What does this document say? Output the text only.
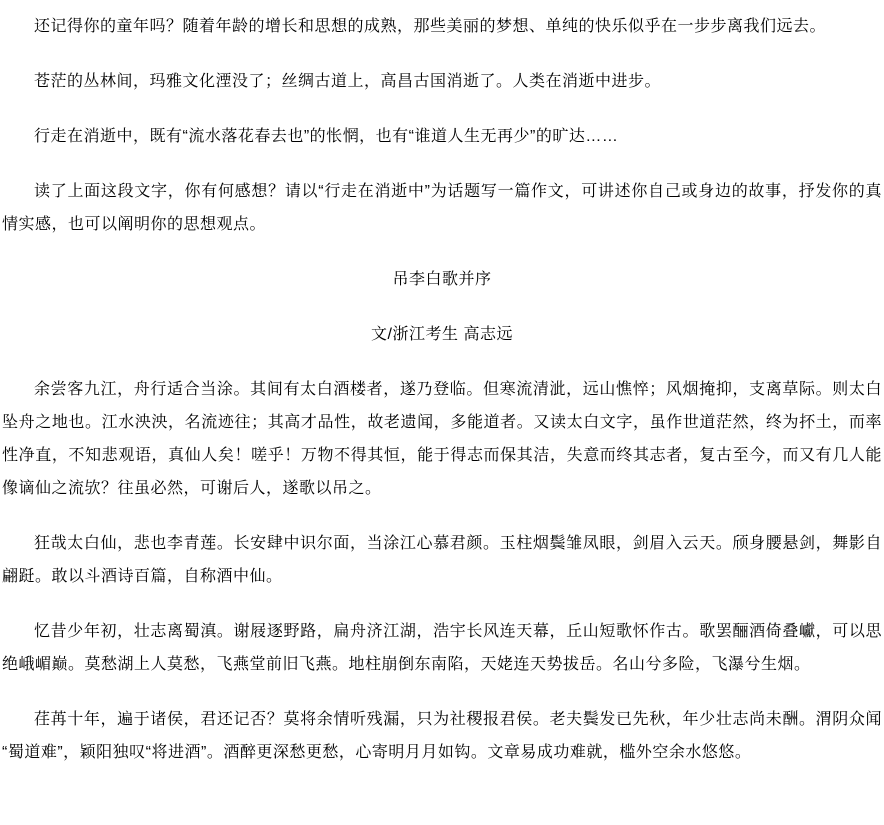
还记得你的童年吗？随着年龄的增长和思想的成熟，那些美丽的梦想、单纯的快乐似乎在一步步离我们远去。

苍茫的丛林间，玛雅文化湮没了；丝绸古道上，高昌古国消逝了。人类在消逝中进步。

行走在消逝中，既有“流水落花春去也”的怅惘，也有“谁道人生无再少”的旷达……

读了上面这段文字，你有何感想？请以“行走在消逝中”为话题写一篇作文，可讲述你自己或身边的故事，抒发你的真情实感，也可以阐明你的思想观点。

吊李白歌并序

文/浙江考生 高志远

余尝客九江，舟行适合当涂。其间有太白酒楼者，遂乃登临。但寒流清泚，远山憔悴；风烟掩抑，支离草际。则太白坠舟之地也。江水泱泱，名流迹往；其高才品性，故老遗闻，多能道者。又读太白文字，虽作世道茫然，终为抔土，而率性净直，不知悲观语，真仙人矣！嗟乎！万物不得其恒，能于得志而保其洁，失意而终其志者，复古至今，而又有几人能像谪仙之流欤？往虽必然，可谢后人，遂歌以吊之。

狂哉太白仙，悲也李青莲。长安肆中识尔面，当涂江心慕君颜。玉柱烟鬓雏凤眼，剑眉入云天。颀身腰悬剑，舞影自翩跹。敢以斗酒诗百篇，自称酒中仙。

忆昔少年初，壮志离蜀滇。谢屐逐野路，扁舟济江湖，浩宇长风连天幕，丘山短歌怀作古。歌罢酾酒倚叠巘，可以思绝峨嵋巅。莫愁湖上人莫愁，飞燕堂前旧飞燕。地柱崩倒东南陷，天姥连天势拔岳。名山兮多险，飞瀑兮生烟。

荏苒十年，遍于诸侯，君还记否？莫将余情听残漏，只为社稷报君侯。老夫鬓发已先秋，年少壮志尚未酬。渭阴众闻“蜀道难”，颖阳独叹“将进酒”。酒醉更深愁更愁，心寄明月月如钩。文章易成功难就，槛外空余水悠悠。
